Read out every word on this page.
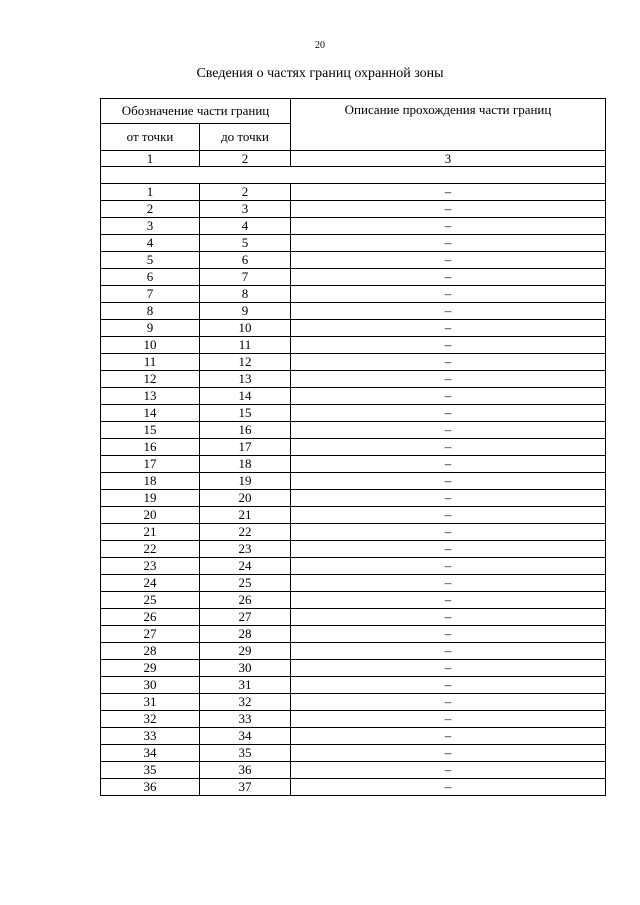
20
Сведения о частях границ охранной зоны
Обозначение части границ		Описание прохождения части границ
от точки	до точки	
1	2	3

1	2	–
2	3	–
3	4	–
4	5	–
5	6	–
6	7	–
7	8	–
8	9	–
9	10	–
10	11	–
11	12	–
12	13	–
13	14	–
14	15	–
15	16	–
16	17	–
17	18	–
18	19	–
19	20	–
20	21	–
21	22	–
22	23	–
23	24	–
24	25	–
25	26	–
26	27	–
27	28	–
28	29	–
29	30	–
30	31	–
31	32	–
32	33	–
33	34	–
34	35	–
35	36	–
36	37	–
